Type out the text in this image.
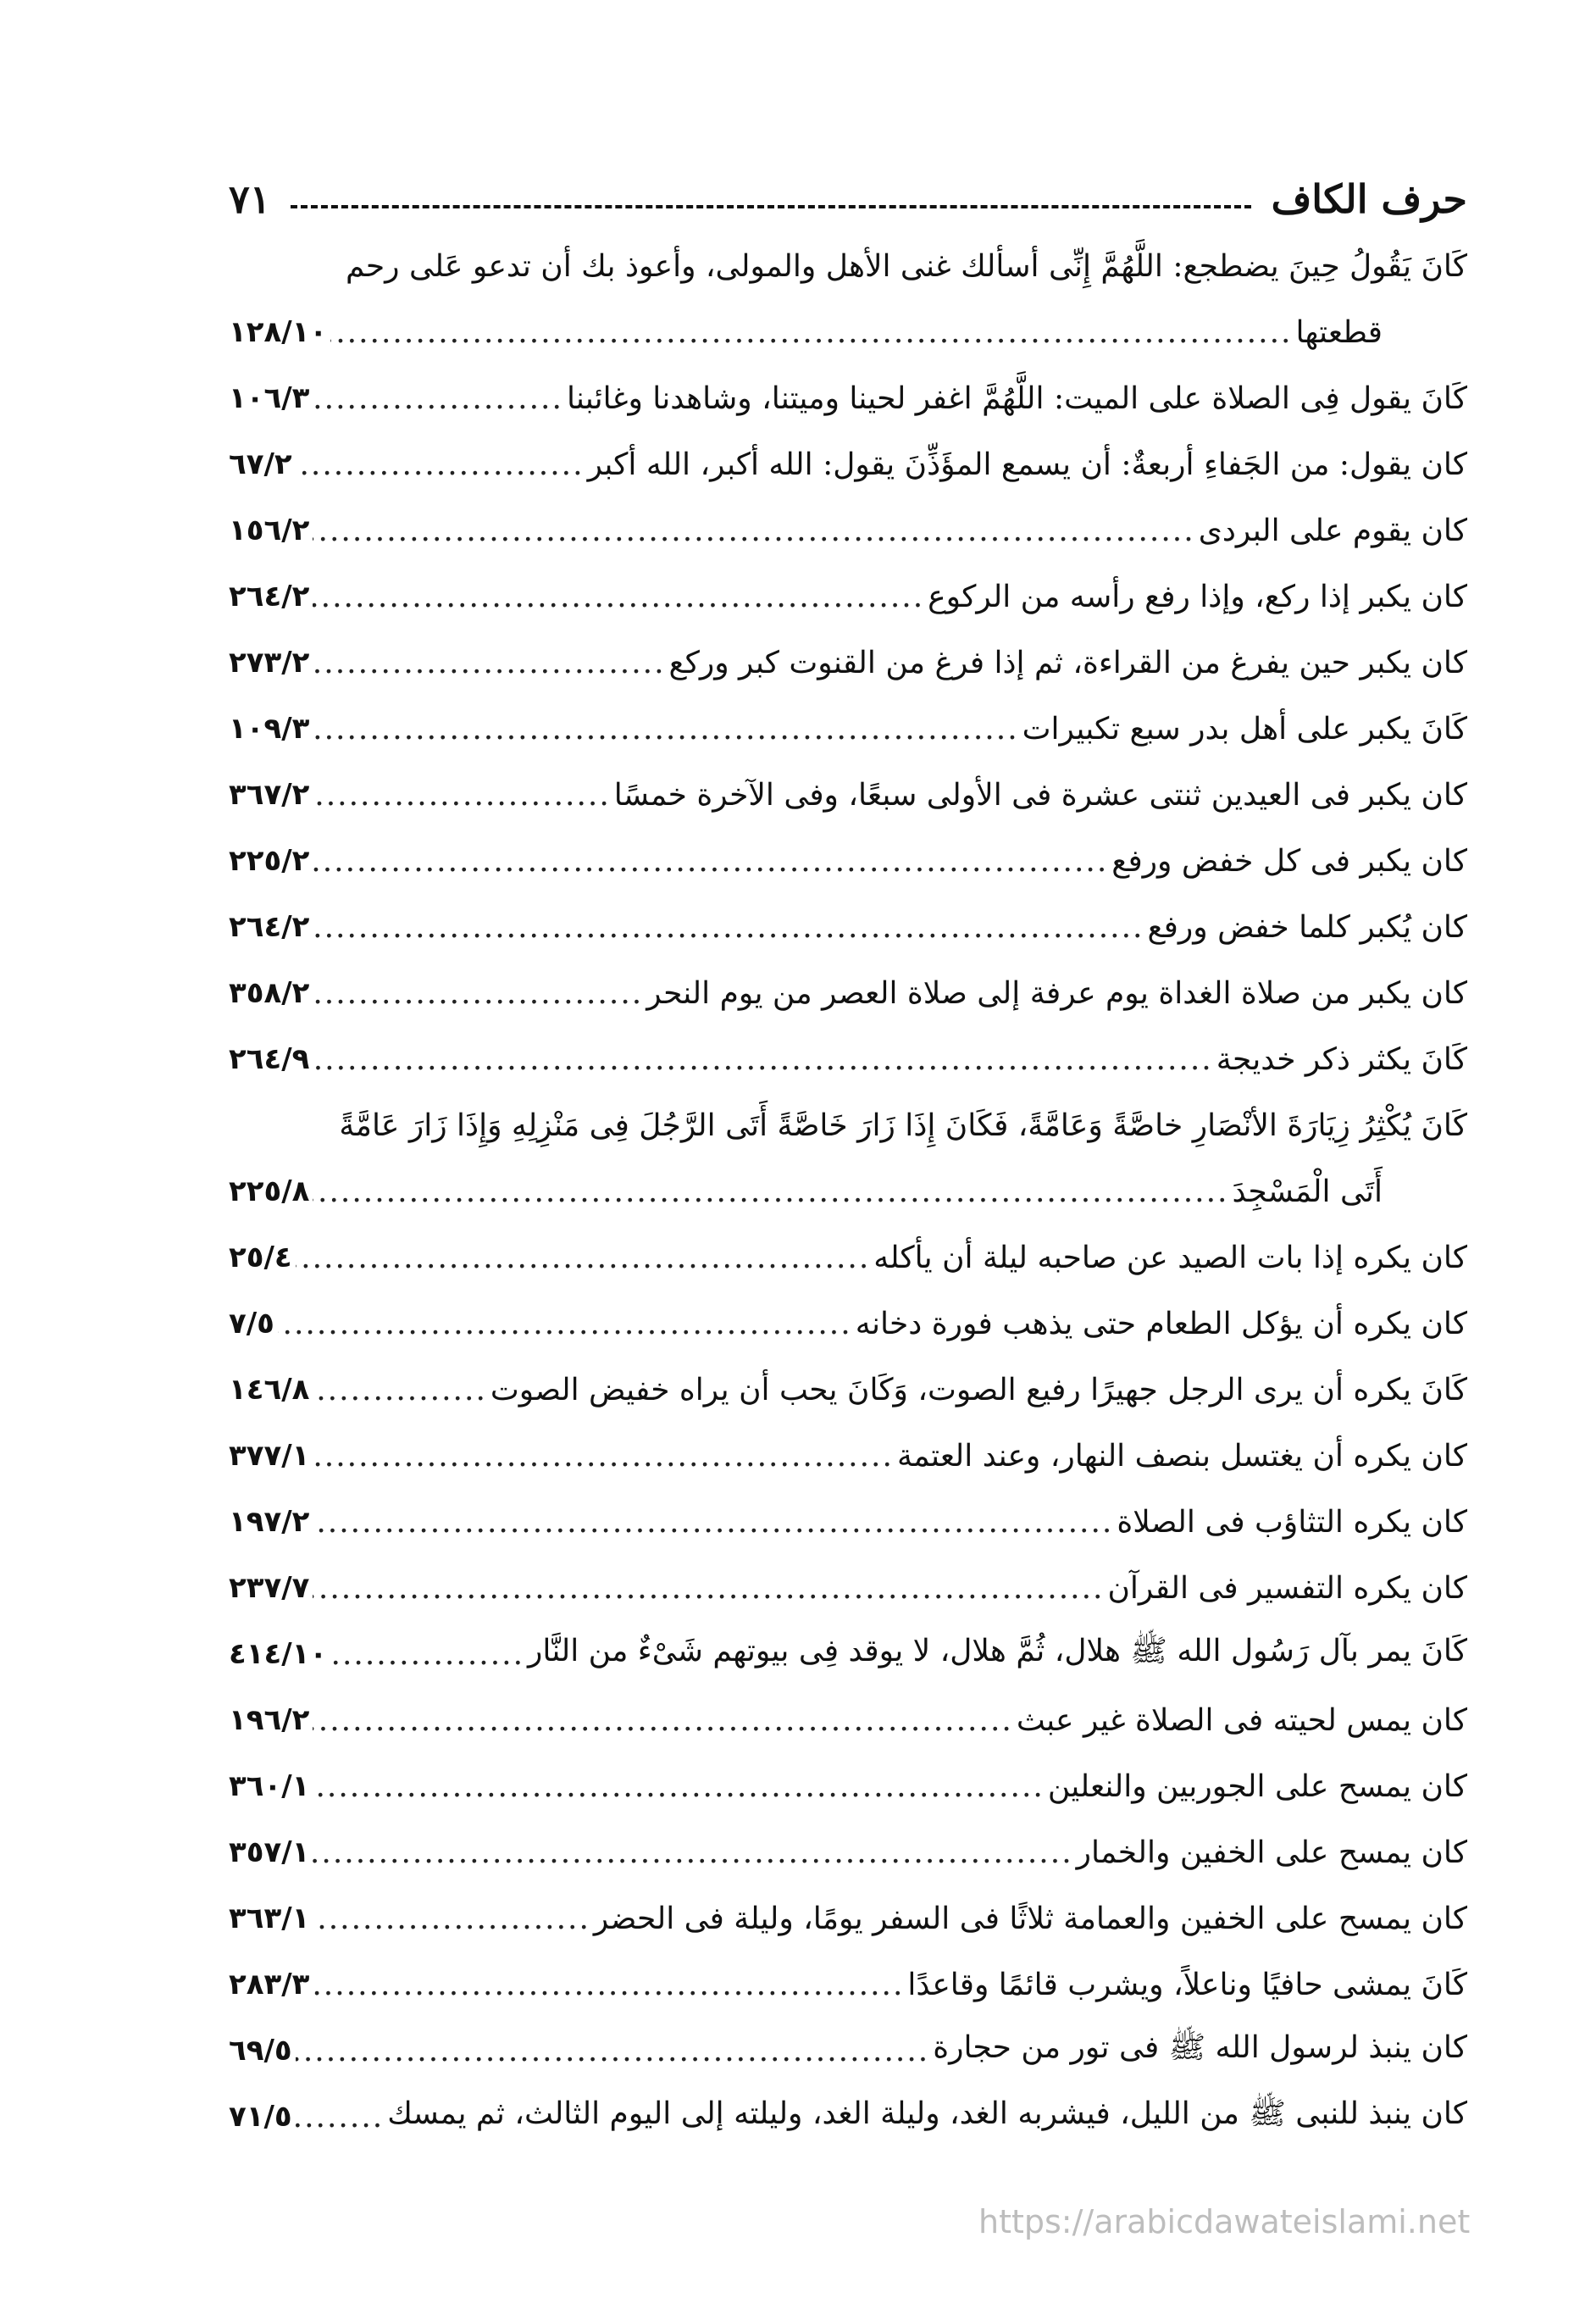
حرف الكاف
٧١
كَانَ يَقُولُ حِينَ يضطجع: اللَّهُمَّ إِنِّى أسألك غنى الأهل والمولى، وأعوذ بك أن تدعو عَلى رحم
قطعتها
.....
١٢٨/١٠
كَانَ يقول فِى الصلاة على الميت: اللَّهُمَّ اغفر لحينا وميتنا، وشاهدنا وغائبنا
.....
١٠٦/٣
كان يقول: من الجَفاءِ أربعةٌ: أن يسمع المؤَذِّنَ يقول: الله أكبر، الله أكبر
.....
٦٧/٢
كان يقوم على البردى
.....
١٥٦/٢
كان يكبر إذا ركع، وإذا رفع رأسه من الركوع
.....
٢٦٤/٢
كان يكبر حين يفرغ من القراءة، ثم إذا فرغ من القنوت كبر وركع
.....
٢٧٣/٢
كَانَ يكبر على أهل بدر سبع تكبيرات
.....
١٠٩/٣
كان يكبر فى العيدين ثنتى عشرة فى الأولى سبعًا، وفى الآخرة خمسًا
.....
٣٦٧/٢
كان يكبر فى كل خفض ورفع
.....
٢٢٥/٢
كان يُكبر كلما خفض ورفع
.....
٢٦٤/٢
كان يكبر من صلاة الغداة يوم عرفة إلى صلاة العصر من يوم النحر
.....
٣٥٨/٢
كَانَ يكثر ذكر خديجة
.....
٢٦٤/٩
كَانَ يُكْثِرُ زِيَارَةَ الأنْصَارِ خاصَّةً وَعَامَّةً، فَكَانَ إِذَا زَارَ خَاصَّةً أَتَى الرَّجُلَ فِى مَنْزِلِهِ وَإِذَا زَارَ عَامَّةً
أَتَى الْمَسْجِدَ
.....
٢٢٥/٨
كان يكره إذا بات الصيد عن صاحبه ليلة أن يأكله
.....
٢٥/٤
كان يكره أن يؤكل الطعام حتى يذهب فورة دخانه
.....
٧/٥
كَانَ يكره أن يرى الرجل جهيرًا رفيع الصوت، وَكَانَ يحب أن يراه خفيض الصوت
.....
١٤٦/٨
كان يكره أن يغتسل بنصف النهار، وعند العتمة
.....
٣٧٧/١
كان يكره التثاؤب فى الصلاة
.....
١٩٧/٢
كان يكره التفسير فى القرآن
.....
٢٣٧/٧
كَانَ يمر بآل رَسُول الله ﷺ هلال، ثُمَّ هلال، لا يوقد فِى بيوتهم شَىْءٌ من النَّار
.....
٤١٤/١٠
كان يمس لحيته فى الصلاة غير عبث
.....
١٩٦/٢
كان يمسح على الجوربين والنعلين
.....
٣٦٠/١
كان يمسح على الخفين والخمار
.....
٣٥٧/١
كان يمسح على الخفين والعمامة ثلاثًا فى السفر يومًا، وليلة فى الحضر
.....
٣٦٣/١
كَانَ يمشى حافيًا وناعلاً، ويشرب قائمًا وقاعدًا
.....
٢٨٣/٣
كان ينبذ لرسول الله ﷺ فى تور من حجارة
.....
٦٩/٥
كان ينبذ للنبى ﷺ من الليل، فيشربه الغد، وليلة الغد، وليلته إلى اليوم الثالث، ثم يمسك
.....
٧١/٥
https://arabicdawateislami.net
